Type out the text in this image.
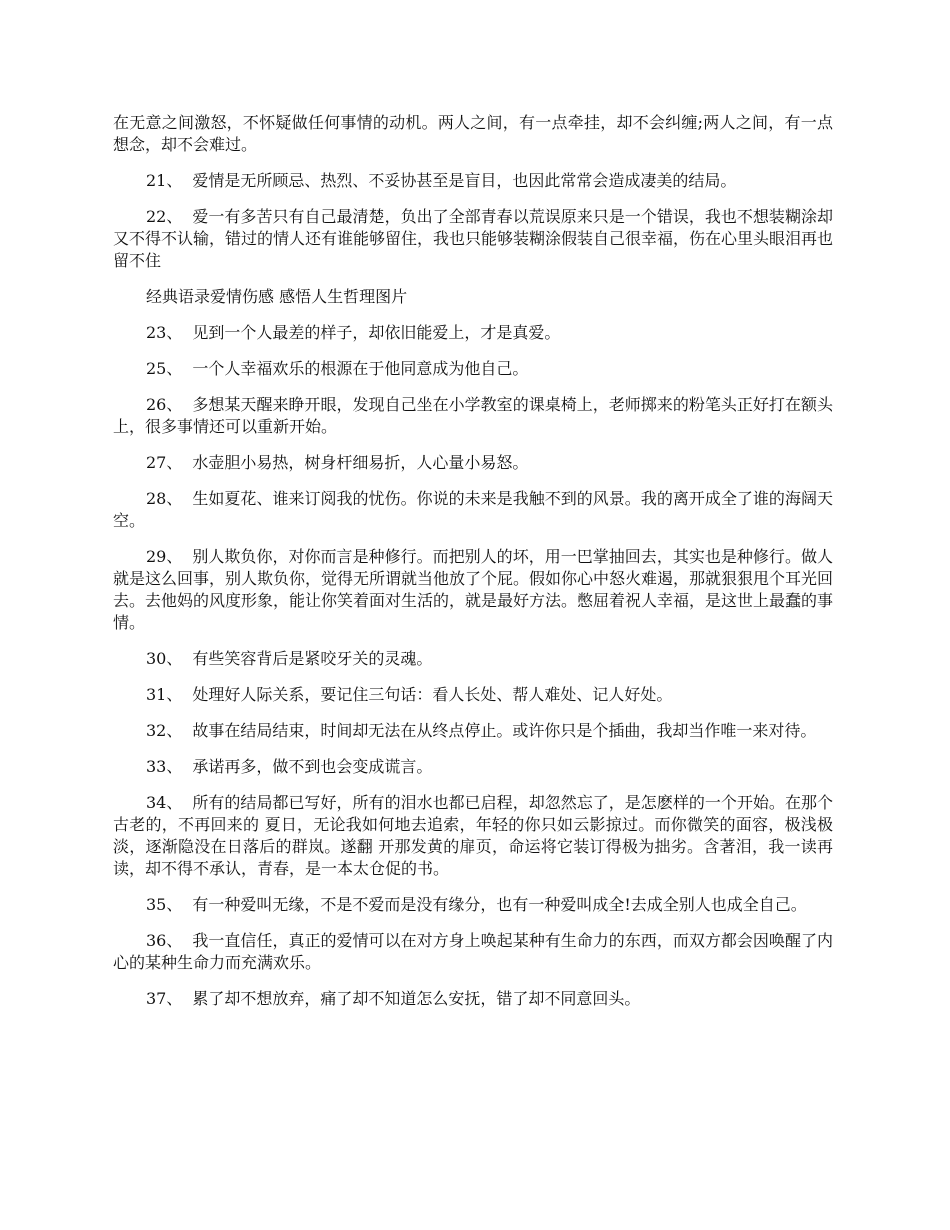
在无意之间激怒，不怀疑做任何事情的动机。两人之间，有一点牵挂，却不会纠缠;两人之间，有一点想念，却不会难过。

21、 爱情是无所顾忌、热烈、不妥协甚至是盲目，也因此常常会造成凄美的结局。

22、 爱一有多苦只有自己最清楚，负出了全部青春以荒误原来只是一个错误，我也不想装糊涂却又不得不认输，错过的情人还有谁能够留住，我也只能够装糊涂假装自己很幸福，伤在心里头眼泪再也留不住

经典语录爱情伤感 感悟人生哲理图片

23、 见到一个人最差的样子，却依旧能爱上，才是真爱。

25、 一个人幸福欢乐的根源在于他同意成为他自己。

26、 多想某天醒来睁开眼，发现自己坐在小学教室的课桌椅上，老师掷来的粉笔头正好打在额头上，很多事情还可以重新开始。

27、 水壶胆小易热，树身杆细易折，人心量小易怒。

28、 生如夏花、谁来订阅我的忧伤。你说的未来是我触不到的风景。我的离开成全了谁的海阔天空。

29、 别人欺负你，对你而言是种修行。而把别人的坏，用一巴掌抽回去，其实也是种修行。做人就是这么回事，别人欺负你，觉得无所谓就当他放了个屁。假如你心中怒火难遏，那就狠狠甩个耳光回去。去他妈的风度形象，能让你笑着面对生活的，就是最好方法。憋屈着祝人幸福，是这世上最蠢的事情。

30、 有些笑容背后是紧咬牙关的灵魂。

31、 处理好人际关系，要记住三句话：看人长处、帮人难处、记人好处。

32、 故事在结局结束，时间却无法在从终点停止。或许你只是个插曲，我却当作唯一来对待。

33、 承诺再多，做不到也会变成谎言。

34、 所有的结局都已写好，所有的泪水也都已启程，却忽然忘了，是怎麽样的一个开始。在那个古老的，不再回来的 夏日，无论我如何地去追索，年轻的你只如云影掠过。而你微笑的面容，极浅极淡，逐渐隐没在日落后的群岚。遂翻 开那发黄的扉页，命运将它装订得极为拙劣。含著泪，我一读再读，却不得不承认，青春，是一本太仓促的书。

35、 有一种爱叫无缘，不是不爱而是没有缘分，也有一种爱叫成全!去成全别人也成全自己。

36、 我一直信任，真正的爱情可以在对方身上唤起某种有生命力的东西，而双方都会因唤醒了内心的某种生命力而充满欢乐。

37、 累了却不想放弃，痛了却不知道怎么安抚，错了却不同意回头。
